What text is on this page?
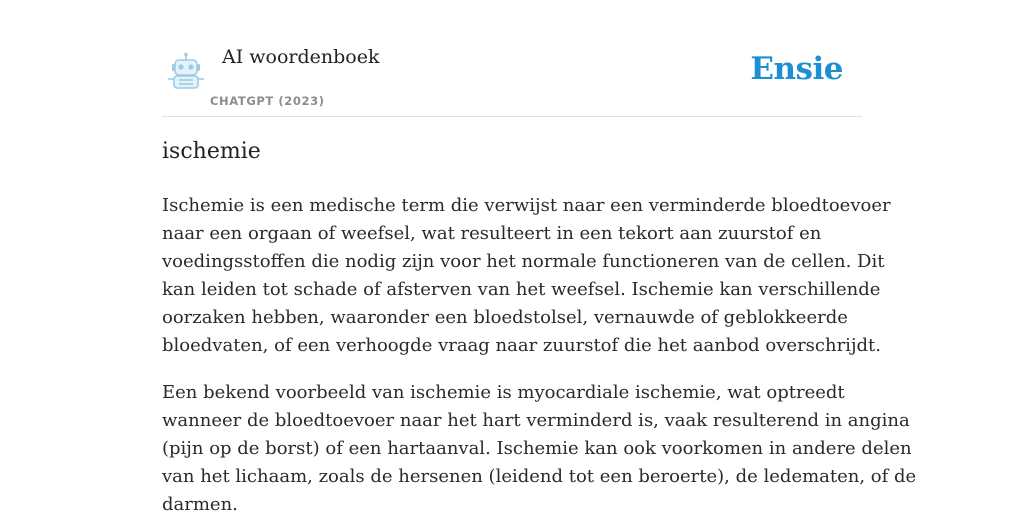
AI woordenboek
CHATGPT (2023)
Ensie
ischemie

Ischemie is een medische term die verwijst naar een verminderde bloedtoevoer
naar een orgaan of weefsel, wat resulteert in een tekort aan zuurstof en
voedingsstoffen die nodig zijn voor het normale functioneren van de cellen. Dit
kan leiden tot schade of afsterven van het weefsel. Ischemie kan verschillende
oorzaken hebben, waaronder een bloedstolsel, vernauwde of geblokkeerde
bloedvaten, of een verhoogde vraag naar zuurstof die het aanbod overschrijdt.

Een bekend voorbeeld van ischemie is myocardiale ischemie, wat optreedt
wanneer de bloedtoevoer naar het hart verminderd is, vaak resulterend in angina
(pijn op de borst) of een hartaanval. Ischemie kan ook voorkomen in andere delen
van het lichaam, zoals de hersenen (leidend tot een beroerte), de ledematen, of de
darmen.
